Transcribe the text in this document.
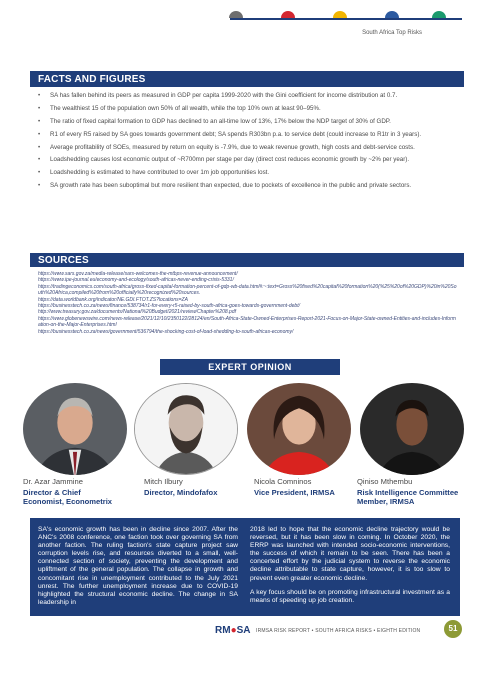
South Africa Top Risks
FACTS AND FIGURES
• SA has fallen behind its peers as measured in GDP per capita 1999-2020 with the Gini coefficient for income distribution at 0.7.
• The wealthiest 15 of the population own 50% of all wealth, while the top 10% own at least 90–95%.
• The ratio of fixed capital formation to GDP has declined to an all-time low of 13%, 17% below the NDP target of 30% of GDP.
• R1 of every R5 raised by SA goes towards government debt; SA spends R303bn p.a. to service debt (could increase to R1tr in 3 years).
• Average profitability of SOEs, measured by return on equity is -7.9%, due to weak revenue growth, high costs and debt-service costs.
• Loadshedding causes lost economic output of ~R700mn per stage per day (direct cost reduces economic growth by ~2% per year).
• Loadshedding is estimated to have contributed to over 1m job opportunities lost.
• SA growth rate has been suboptimal but more resilient than expected, due to pockets of excellence in the public and private sectors.
SOURCES
https://www.sars.gov.za/media-release/sars-welcomes-the-mtbps-revenue-announcement/
https://www.ipe-journal.eu/economy-and-ecology/south-africas-never-ending-crisis-5331/
https://tradingeconomics.com/south-africa/gross-fixed-capital-formation-percent-of-gdp-wb-data.html#:~:text=Gross%20fixed%20capital%20formation%20(%25%20of%20GDP)%20in%20South%20Africa,compiled%20from%20officially%20recognized%20sources.
https://data.worldbank.org/indicator/NE.GDI.FTOT.ZS?locations=ZA
https://businesstech.co.za/news/finance/538734/r1-for-every-r5-raised-by-south-africa-goes-towards-government-debt/
http://www.treasury.gov.za/documents/National%20Budget/2021/review/Chapter%208.pdf
https://www.globenewswire.com/news-release/2021/12/10/2350122/28124/en/South-Africa-State-Owned-Enterprises-Report-2021-Focus-on-Major-State-owned-Entities-and-includes-Information-on-the-Major-Enterprises.html
https://businesstech.co.za/news/government/536794/the-shocking-cost-of-load-shedding-to-south-africas-economy/
EXPERT OPINION
Dr. Azar Jammine
Director & Chief
Economist, Econometrix
Mitch Ilbury
Director, Mindofafox
Nicola Comninos
Vice President, IRMSA
Qiniso Mthembu
Risk Intelligence Committee
Member, IRMSA

SA's economic growth has been in decline since 2007. After the ANC's 2008 conference, one faction took over governing SA from another faction. The ruling faction's state capture project saw corruption levels rise, and resources diverted to a small, well-connected section of society, preventing the development and upliftment of the general population. The collapse in growth and concomitant rise in unemployment contributed to the July 2021 unrest. The further unemployment increase due to COVID-19 highlighted the structural economic decline. The change in SA leadership in

2018 led to hope that the economic decline trajectory would be reversed, but it has been slow in coming. In October 2020, the ERRP was launched with intended socio-economic interventions, the success of which it remain to be seen. There has been a concerted effort by the judicial system to reverse the economic decline attributable to state capture, however, it is too slow to prevent even greater economic decline.

A key focus should be on promoting infrastructural investment as a means of speeding up job creation.

RM●SA IRMSA RISK REPORT • SOUTH AFRICA RISKS • EIGHTH EDITION	51
